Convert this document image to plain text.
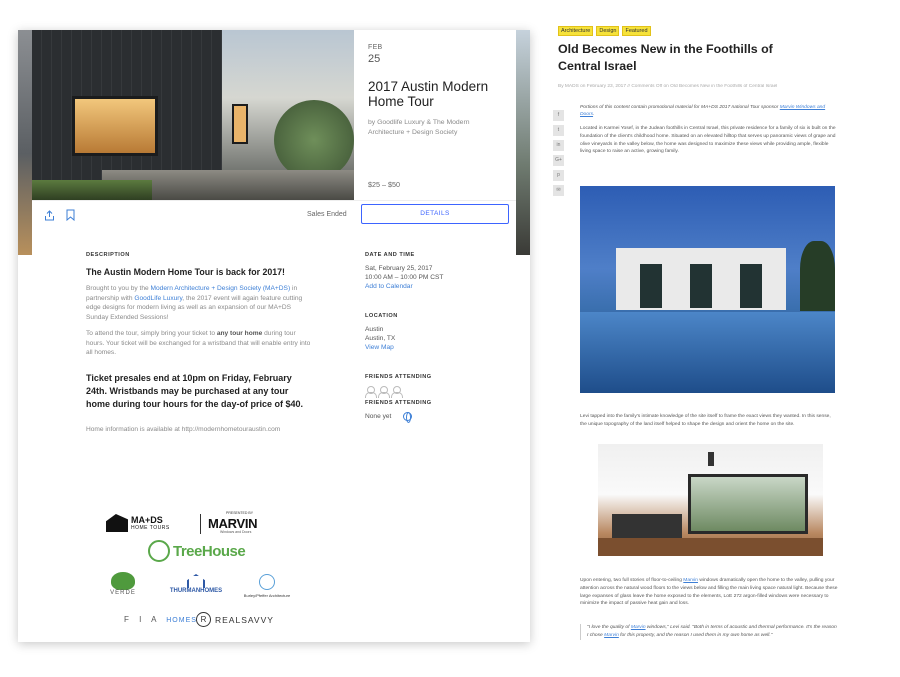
FEB
25
2017 Austin Modern Home Tour
by Goodlife Luxury & The Modern Architecture + Design Society
$25 – $50
Sales Ended	DETAILS
DESCRIPTION
The Austin Modern Home Tour is back for 2017!

Brought to you by the Modern Architecture + Design Society (MA+DS) in partnership with GoodLife Luxury, the 2017 event will again feature cutting edge designs for modern living as well as an expansion of our MA+DS Sunday Extended Sessions!

To attend the tour, simply bring your ticket to any tour home during tour hours. Your ticket will be exchanged for a wristband that will enable entry into all homes.

Ticket presales end at 10pm on Friday, February 24th. Wristbands may be purchased at any tour home during tour hours for the day-of price of $40.

Home information is available at http://modernhometouraustin.com

DATE AND TIME
Sat, February 25, 2017
10:00 AM – 10:00 PM CST
Add to Calendar
LOCATION
Austin
Austin, TX
View Map
FRIENDS ATTENDING
FRIENDS ATTENDING
None yet
MA+DS
HOME TOURS
PRESENTED BY
MARVIN
Windows and Doors
TreeHouse
VERDE	THURMANHOMES
Burley/Pfeffer Architecture
F I A HOMES R	REALSAVVY
Architecture	Design	Featured
Old Becomes New in the Foothills of Central Israel
By MADS on February 23, 2017 // Comments Off on Old Becomes New in the Foothills of Central Israel
f
t
in
G+
p
✉

Portions of this content contain promotional material for MA+DS 2017 national Tour sponsor Marvin Windows and Doors.

Located in Karmei Yosef, in the Judean foothills in Central Israel, this private residence for a family of six is built on the foundation of the client's childhood home. Situated on an elevated hilltop that serves up panoramic views of grape and olive vineyards in the valley below, the home was designed to maximize these views while providing ample, flexible living space to raise an active, growing family.

Levi tapped into the family's intimate knowledge of the site itself to frame the exact views they wanted. In this sense, the unique topography of the land itself helped to shape the design and orient the home on the site.

Upon entering, two full stories of floor-to-ceiling Marvin windows dramatically open the home to the valley, pulling your attention across the natural wood floors to the views below and filling the main living space natural light. Because these large expanses of glass leave the home exposed to the elements, LoE 272 argon-filled windows were necessary to minimize the impact of passive heat gain and loss.

"I love the quality of Marvin windows," Levi said. "Both in terms of acoustic and thermal performance. It's the reason I chose Marvin for this property, and the reason I used them in my own home as well."
